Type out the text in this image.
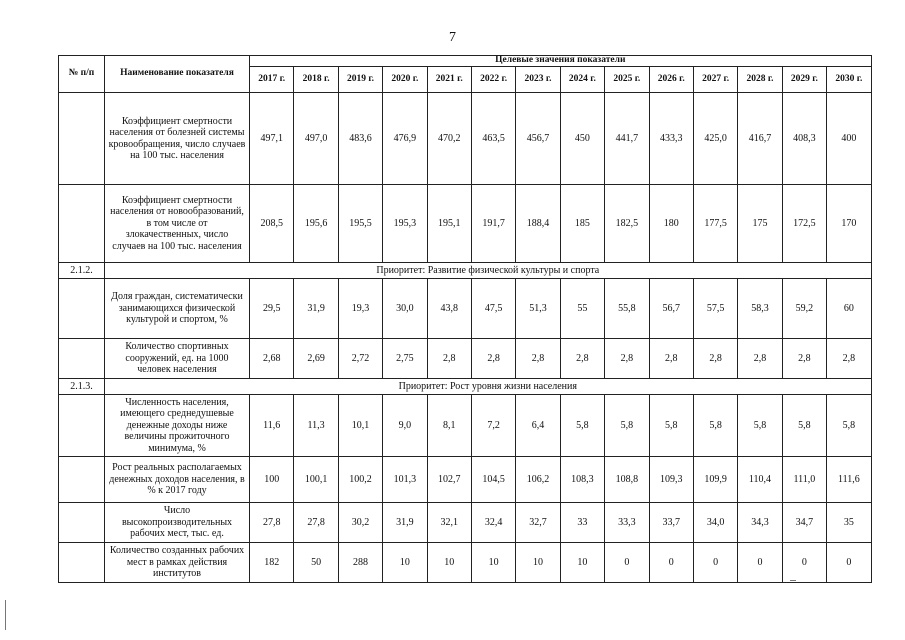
7
№ п/п	Наименование показателя	Целевые значения показатели													
		2017 г.	2018 г.	2019 г.	2020 г.	2021 г.	2022 г.	2023 г.	2024 г.	2025 г.	2026 г.	2027 г.	2028 г.	2029 г.	2030 г.
	Коэффициент смертности населения от болезней системы кровообращения, число случаев на 100 тыс. населения	497,1	497,0	483,6	476,9	470,2	463,5	456,7	450	441,7	433,3	425,0	416,7	408,3	400
	Коэффициент смертности населения от новообразований, в том числе от злокачественных, число случаев на 100 тыс. населения	208,5	195,6	195,5	195,3	195,1	191,7	188,4	185	182,5	180	177,5	175	172,5	170
2.1.2.	Приоритет: Развитие физической культуры и спорта														
	Доля граждан, систематически занимающихся физической культурой и спортом, %	29,5	31,9	19,3	30,0	43,8	47,5	51,3	55	55,8	56,7	57,5	58,3	59,2	60
	Количество спортивных сооружений, ед. на 1000 человек населения	2,68	2,69	2,72	2,75	2,8	2,8	2,8	2,8	2,8	2,8	2,8	2,8	2,8	2,8
2.1.3.	Приоритет: Рост уровня жизни населения														
	Численность населения, имеющего среднедушевые денежные доходы ниже величины прожиточного минимума, %	11,6	11,3	10,1	9,0	8,1	7,2	6,4	5,8	5,8	5,8	5,8	5,8	5,8	5,8
	Рост реальных располагаемых денежных доходов населения, в % к 2017 году	100	100,1	100,2	101,3	102,7	104,5	106,2	108,3	108,8	109,3	109,9	110,4	111,0	111,6
	Число высокопроизводительных рабочих мест, тыс. ед.	27,8	27,8	30,2	31,9	32,1	32,4	32,7	33	33,3	33,7	34,0	34,3	34,7	35
	Количество созданных рабочих мест в рамках действия институтов	182	50	288	10	10	10	10	10	0	0	0	0	0	0
